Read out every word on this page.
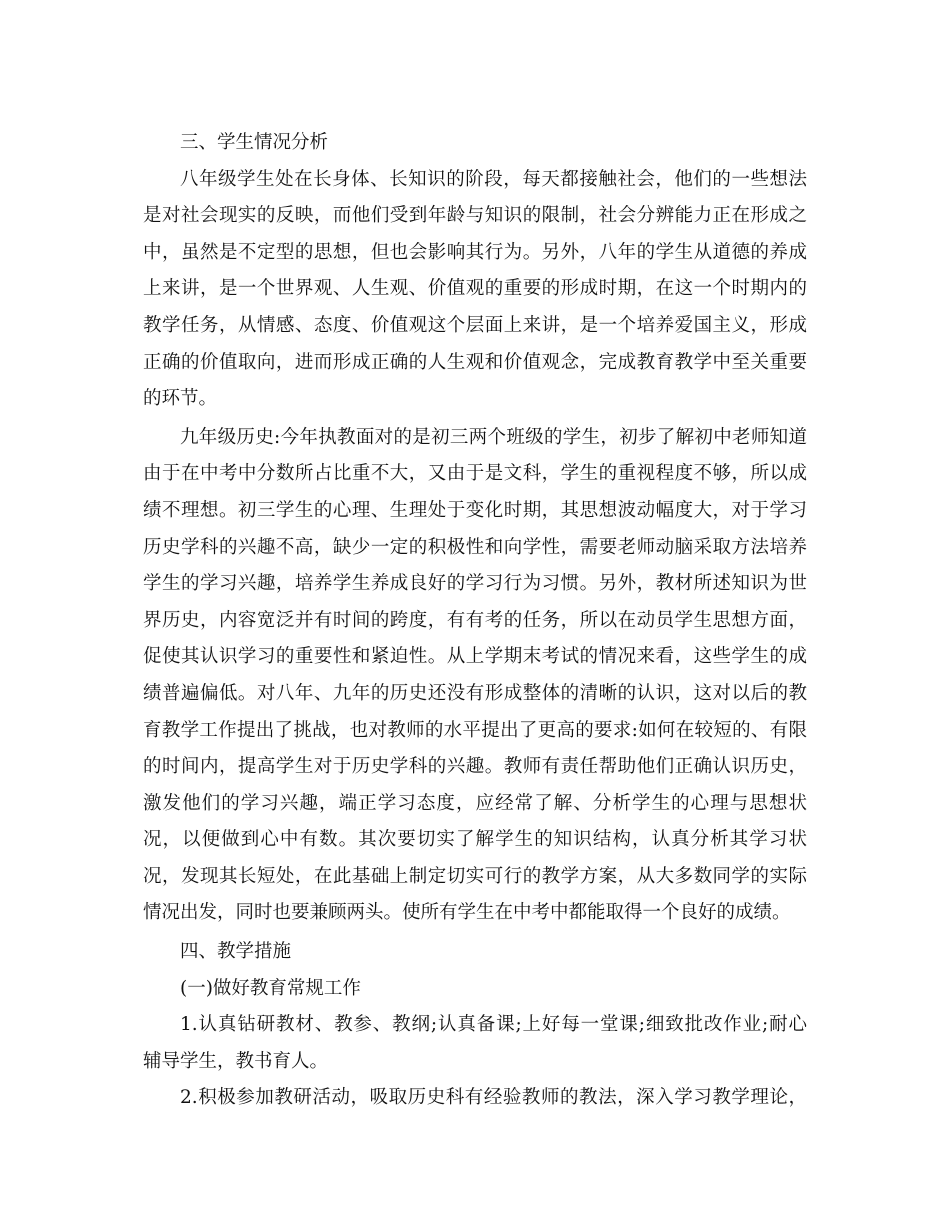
三、学生情况分析
八年级学生处在长身体、长知识的阶段，每天都接触社会，他们的一些想法
是对社会现实的反映，而他们受到年龄与知识的限制，社会分辨能力正在形成之
中，虽然是不定型的思想，但也会影响其行为。另外，八年的学生从道德的养成
上来讲，是一个世界观、人生观、价值观的重要的形成时期，在这一个时期内的
教学任务，从情感、态度、价值观这个层面上来讲，是一个培养爱国主义，形成
正确的价值取向，进而形成正确的人生观和价值观念，完成教育教学中至关重要
的环节。
九年级历史:今年执教面对的是初三两个班级的学生，初步了解初中老师知道
由于在中考中分数所占比重不大，又由于是文科，学生的重视程度不够，所以成
绩不理想。初三学生的心理、生理处于变化时期，其思想波动幅度大，对于学习
历史学科的兴趣不高，缺少一定的积极性和向学性，需要老师动脑采取方法培养
学生的学习兴趣，培养学生养成良好的学习行为习惯。另外，教材所述知识为世
界历史，内容宽泛并有时间的跨度，有有考的任务，所以在动员学生思想方面，
促使其认识学习的重要性和紧迫性。从上学期末考试的情况来看，这些学生的成
绩普遍偏低。对八年、九年的历史还没有形成整体的清晰的认识，这对以后的教
育教学工作提出了挑战，也对教师的水平提出了更高的要求:如何在较短的、有限
的时间内，提高学生对于历史学科的兴趣。教师有责任帮助他们正确认识历史，
激发他们的学习兴趣，端正学习态度，应经常了解、分析学生的心理与思想状
况，以便做到心中有数。其次要切实了解学生的知识结构，认真分析其学习状
况，发现其长短处，在此基础上制定切实可行的教学方案，从大多数同学的实际
情况出发，同时也要兼顾两头。使所有学生在中考中都能取得一个良好的成绩。
四、教学措施
(一)做好教育常规工作
1.认真钻研教材、教参、教纲;认真备课;上好每一堂课;细致批改作业;耐心
辅导学生，教书育人。
2.积极参加教研活动，吸取历史科有经验教师的教法，深入学习教学理论，
